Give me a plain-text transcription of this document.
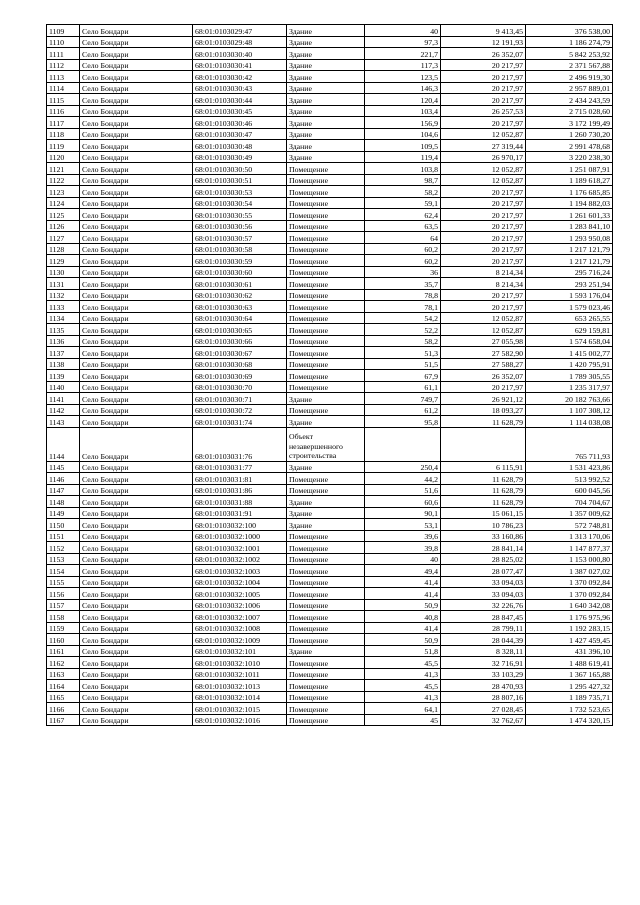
1109	Село Бондари	68:01:0103029:47	Здание	40	9 413,45	376 538,00
1110	Село Бондари	68:01:0103029:48	Здание	97,3	12 191,93	1 186 274,79
1111	Село Бондари	68:01:0103030:40	Здание	221,7	26 352,07	5 842 253,92
1112	Село Бондари	68:01:0103030:41	Здание	117,3	20 217,97	2 371 567,88
1113	Село Бондари	68:01:0103030:42	Здание	123,5	20 217,97	2 496 919,30
1114	Село Бондари	68:01:0103030:43	Здание	146,3	20 217,97	2 957 889,01
1115	Село Бондари	68:01:0103030:44	Здание	120,4	20 217,97	2 434 243,59
1116	Село Бондари	68:01:0103030:45	Здание	103,4	26 257,53	2 715 028,60
1117	Село Бондари	68:01:0103030:46	Здание	156,9	20 217,97	3 172 199,49
1118	Село Бондари	68:01:0103030:47	Здание	104,6	12 052,87	1 260 730,20
1119	Село Бондари	68:01:0103030:48	Здание	109,5	27 319,44	2 991 478,68
1120	Село Бондари	68:01:0103030:49	Здание	119,4	26 970,17	3 220 238,30
1121	Село Бондари	68:01:0103030:50	Помещение	103,8	12 052,87	1 251 087,91
1122	Село Бондари	68:01:0103030:51	Помещение	98,7	12 052,87	1 189 618,27
1123	Село Бондари	68:01:0103030:53	Помещение	58,2	20 217,97	1 176 685,85
1124	Село Бондари	68:01:0103030:54	Помещение	59,1	20 217,97	1 194 882,03
1125	Село Бондари	68:01:0103030:55	Помещение	62,4	20 217,97	1 261 601,33
1126	Село Бондари	68:01:0103030:56	Помещение	63,5	20 217,97	1 283 841,10
1127	Село Бондари	68:01:0103030:57	Помещение	64	20 217,97	1 293 950,08
1128	Село Бондари	68:01:0103030:58	Помещение	60,2	20 217,97	1 217 121,79
1129	Село Бондари	68:01:0103030:59	Помещение	60,2	20 217,97	1 217 121,79
1130	Село Бондари	68:01:0103030:60	Помещение	36	8 214,34	295 716,24
1131	Село Бондари	68:01:0103030:61	Помещение	35,7	8 214,34	293 251,94
1132	Село Бондари	68:01:0103030:62	Помещение	78,8	20 217,97	1 593 176,04
1133	Село Бондари	68:01:0103030:63	Помещение	78,1	20 217,97	1 579 023,46
1134	Село Бондари	68:01:0103030:64	Помещение	54,2	12 052,87	653 265,55
1135	Село Бондари	68:01:0103030:65	Помещение	52,2	12 052,87	629 159,81
1136	Село Бондари	68:01:0103030:66	Помещение	58,2	27 055,98	1 574 658,04
1137	Село Бондари	68:01:0103030:67	Помещение	51,3	27 582,90	1 415 002,77
1138	Село Бондари	68:01:0103030:68	Помещение	51,5	27 588,27	1 420 795,91
1139	Село Бондари	68:01:0103030:69	Помещение	67,9	26 352,07	1 789 305,55
1140	Село Бондари	68:01:0103030:70	Помещение	61,1	20 217,97	1 235 317,97
1141	Село Бондари	68:01:0103030:71	Здание	749,7	26 921,12	20 182 763,66
1142	Село Бондари	68:01:0103030:72	Помещение	61,2	18 093,27	1 107 308,12
1143	Село Бондари	68:01:0103031:74	Здание	95,8	11 628,79	1 114 038,08
1144	Село Бондари	68:01:0103031:76	Объект незавершенного строительства			765 711,93
1145	Село Бондари	68:01:0103031:77	Здание	250,4	6 115,91	1 531 423,86
1146	Село Бондари	68:01:0103031:81	Помещение	44,2	11 628,79	513 992,52
1147	Село Бондари	68:01:0103031:86	Помещение	51,6	11 628,79	600 045,56
1148	Село Бондари	68:01:0103031:88	Здание	60,6	11 628,79	704 704,67
1149	Село Бондари	68:01:0103031:91	Здание	90,1	15 061,15	1 357 009,62
1150	Село Бондари	68:01:0103032:100	Здание	53,1	10 786,23	572 748,81
1151	Село Бондари	68:01:0103032:1000	Помещение	39,6	33 160,86	1 313 170,06
1152	Село Бондари	68:01:0103032:1001	Помещение	39,8	28 841,14	1 147 877,37
1153	Село Бондари	68:01:0103032:1002	Помещение	40	28 825,02	1 153 000,80
1154	Село Бондари	68:01:0103032:1003	Помещение	49,4	28 077,47	1 387 027,02
1155	Село Бондари	68:01:0103032:1004	Помещение	41,4	33 094,03	1 370 092,84
1156	Село Бондари	68:01:0103032:1005	Помещение	41,4	33 094,03	1 370 092,84
1157	Село Бондари	68:01:0103032:1006	Помещение	50,9	32 226,76	1 640 342,08
1158	Село Бондари	68:01:0103032:1007	Помещение	40,8	28 847,45	1 176 975,96
1159	Село Бондари	68:01:0103032:1008	Помещение	41,4	28 799,11	1 192 283,15
1160	Село Бондари	68:01:0103032:1009	Помещение	50,9	28 044,39	1 427 459,45
1161	Село Бондари	68:01:0103032:101	Здание	51,8	8 328,11	431 396,10
1162	Село Бондари	68:01:0103032:1010	Помещение	45,5	32 716,91	1 488 619,41
1163	Село Бондари	68:01:0103032:1011	Помещение	41,3	33 103,29	1 367 165,88
1164	Село Бондари	68:01:0103032:1013	Помещение	45,5	28 470,93	1 295 427,32
1165	Село Бондари	68:01:0103032:1014	Помещение	41,3	28 807,16	1 189 735,71
1166	Село Бондари	68:01:0103032:1015	Помещение	64,1	27 028,45	1 732 523,65
1167	Село Бондари	68:01:0103032:1016	Помещение	45	32 762,67	1 474 320,15
